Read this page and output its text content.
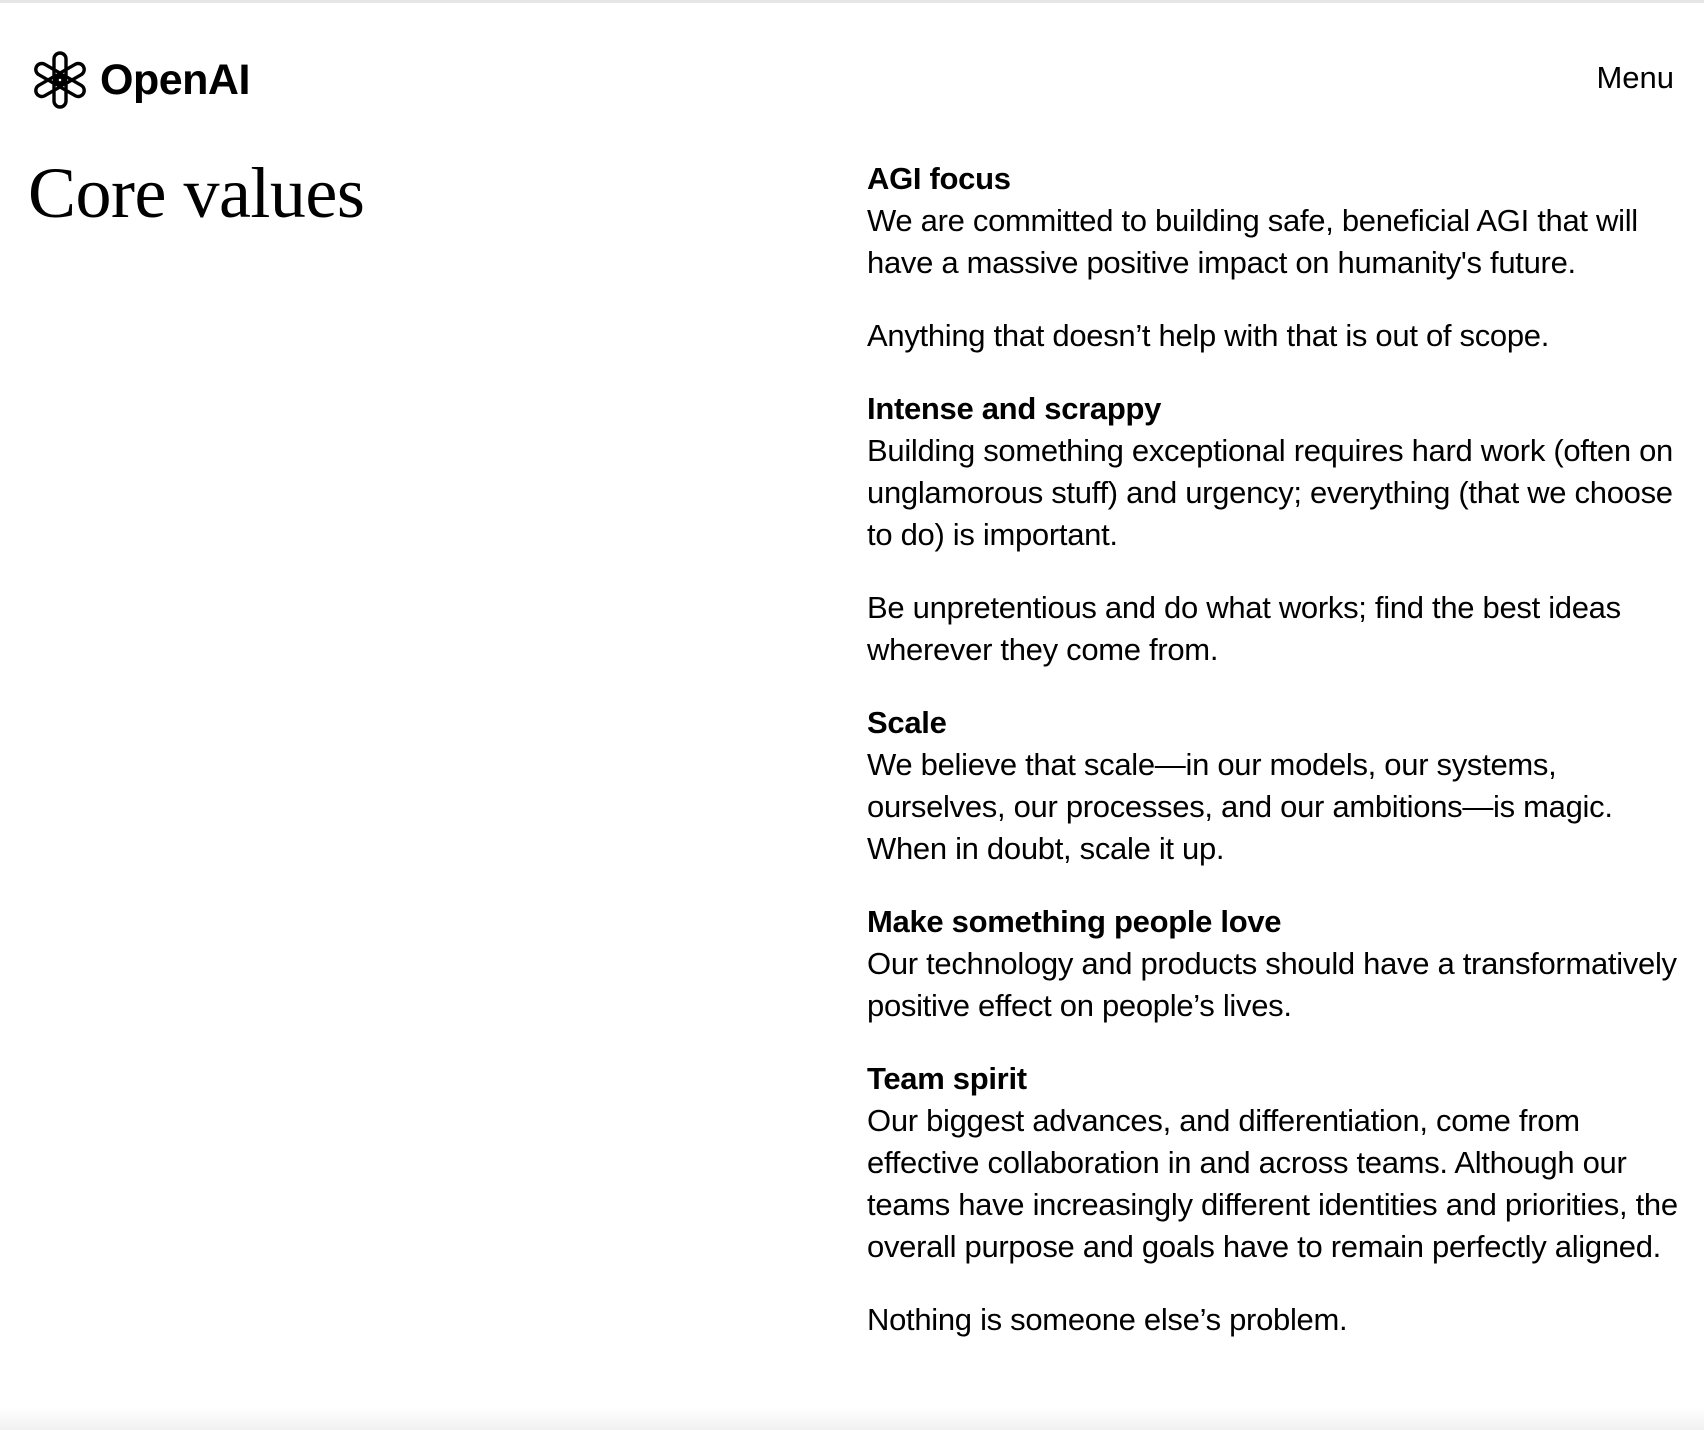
OpenAI	Menu
Core values	AGI focus

We are committed to building safe, beneficial AGI that will have a massive positive impact on humanity's future.

Anything that doesn’t help with that is out of scope.

Intense and scrappy

Building something exceptional requires hard work (often on unglamorous stuff) and urgency; everything (that we choose to do) is important.

Be unpretentious and do what works; find the best ideas wherever they come from.

Scale

We believe that scale—in our models, our systems, ourselves, our processes, and our ambitions—is magic. When in doubt, scale it up.

Make something people love

Our technology and products should have a transformatively positive effect on people’s lives.

Team spirit

Our biggest advances, and differentiation, come from effective collaboration in and across teams. Although our teams have increasingly different identities and priorities, the overall purpose and goals have to remain perfectly aligned.

Nothing is someone else’s problem.
